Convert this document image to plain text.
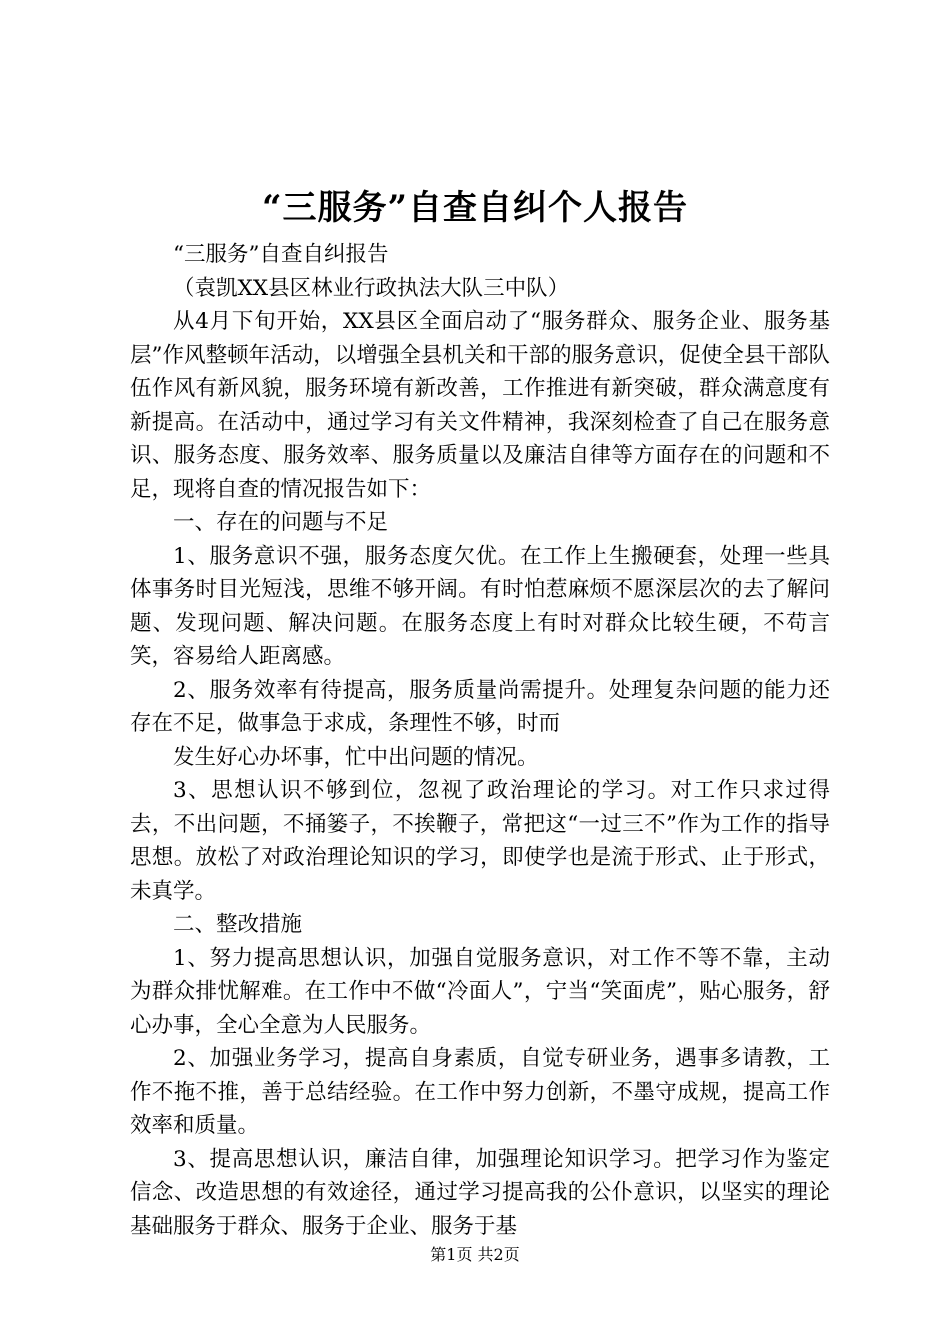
“三服务”自查自纠个人报告

“三服务”自查自纠报告

（袁凯XX县区林业行政执法大队三中队）

从4月下旬开始，XX县区全面启动了“服务群众、服务企业、服务基层”作风整顿年活动，以增强全县机关和干部的服务意识，促使全县干部队伍作风有新风貌，服务环境有新改善，工作推进有新突破，群众满意度有新提高。在活动中，通过学习有关文件精神，我深刻检查了自己在服务意识、服务态度、服务效率、服务质量以及廉洁自律等方面存在的问题和不足，现将自查的情况报告如下：

一、存在的问题与不足

1、服务意识不强，服务态度欠优。在工作上生搬硬套，处理一些具体事务时目光短浅，思维不够开阔。有时怕惹麻烦不愿深层次的去了解问题、发现问题、解决问题。在服务态度上有时对群众比较生硬，不苟言笑，容易给人距离感。

2、服务效率有待提高，服务质量尚需提升。处理复杂问题的能力还存在不足，做事急于求成，条理性不够，时而

发生好心办坏事，忙中出问题的情况。

3、思想认识不够到位，忽视了政治理论的学习。对工作只求过得去，不出问题，不捅篓子，不挨鞭子，常把这“一过三不”作为工作的指导思想。放松了对政治理论知识的学习，即使学也是流于形式、止于形式，未真学。

二、整改措施

1、努力提高思想认识，加强自觉服务意识，对工作不等不靠，主动为群众排忧解难。在工作中不做“冷面人”，宁当“笑面虎”，贴心服务，舒心办事，全心全意为人民服务。

2、加强业务学习，提高自身素质，自觉专研业务，遇事多请教，工作不拖不推，善于总结经验。在工作中努力创新，不墨守成规，提高工作效率和质量。

3、提高思想认识，廉洁自律，加强理论知识学习。把学习作为鉴定信念、改造思想的有效途径，通过学习提高我的公仆意识，以坚实的理论基础服务于群众、服务于企业、服务于基

第1页 共2页
